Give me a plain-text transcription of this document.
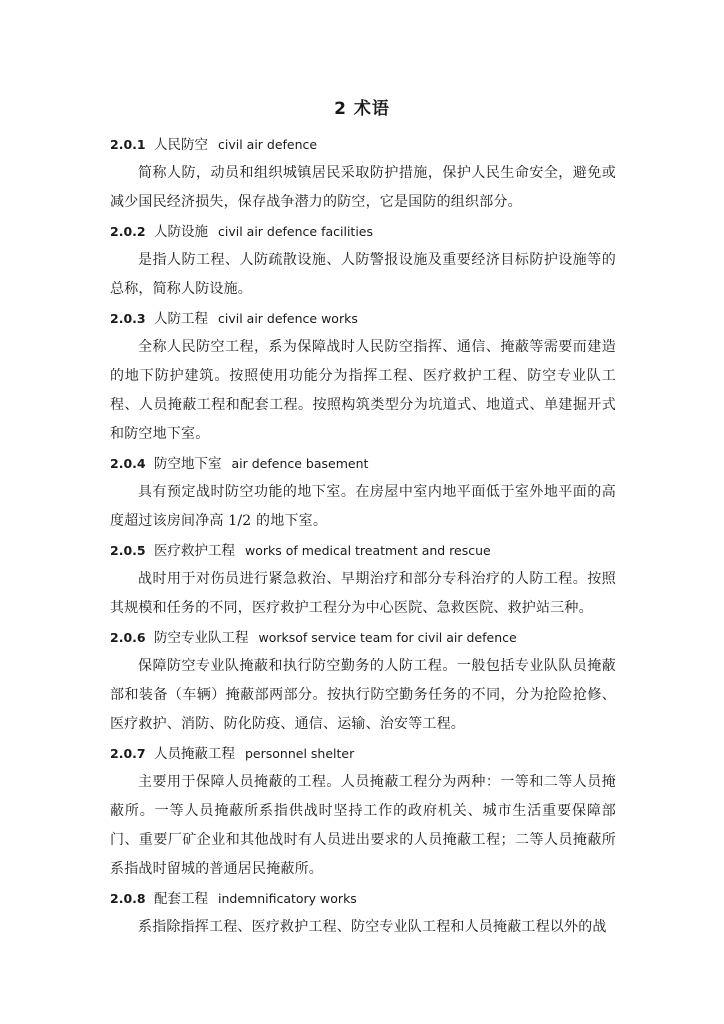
2 术语
2.0.1 人民防空 civil air defence

简称人防，动员和组织城镇居民采取防护措施，保护人民生命安全，避免或减少国民经济损失，保存战争潜力的防空，它是国防的组织部分。

2.0.2 人防设施 civil air defence facilities

是指人防工程、人防疏散设施、人防警报设施及重要经济目标防护设施等的总称，简称人防设施。

2.0.3 人防工程 civil air defence works

全称人民防空工程，系为保障战时人民防空指挥、通信、掩蔽等需要而建造的地下防护建筑。按照使用功能分为指挥工程、医疗救护工程、防空专业队工程、人员掩蔽工程和配套工程。按照构筑类型分为坑道式、地道式、单建掘开式和防空地下室。

2.0.4 防空地下室 air defence basement

具有预定战时防空功能的地下室。在房屋中室内地平面低于室外地平面的高度超过该房间净高 1/2 的地下室。

2.0.5 医疗救护工程 works of medical treatment and rescue

战时用于对伤员进行紧急救治、早期治疗和部分专科治疗的人防工程。按照其规模和任务的不同，医疗救护工程分为中心医院、急救医院、救护站三种。

2.0.6 防空专业队工程 worksof service team for civil air defence

保障防空专业队掩蔽和执行防空勤务的人防工程。一般包括专业队队员掩蔽部和装备（车辆）掩蔽部两部分。按执行防空勤务任务的不同，分为抢险抢修、医疗救护、消防、防化防疫、通信、运输、治安等工程。

2.0.7 人员掩蔽工程 personnel shelter

主要用于保障人员掩蔽的工程。人员掩蔽工程分为两种：一等和二等人员掩蔽所。一等人员掩蔽所系指供战时坚持工作的政府机关、城市生活重要保障部门、重要厂矿企业和其他战时有人员进出要求的人员掩蔽工程；二等人员掩蔽所系指战时留城的普通居民掩蔽所。

2.0.8 配套工程 indemnificatory works

系指除指挥工程、医疗救护工程、防空专业队工程和人员掩蔽工程以外的战
